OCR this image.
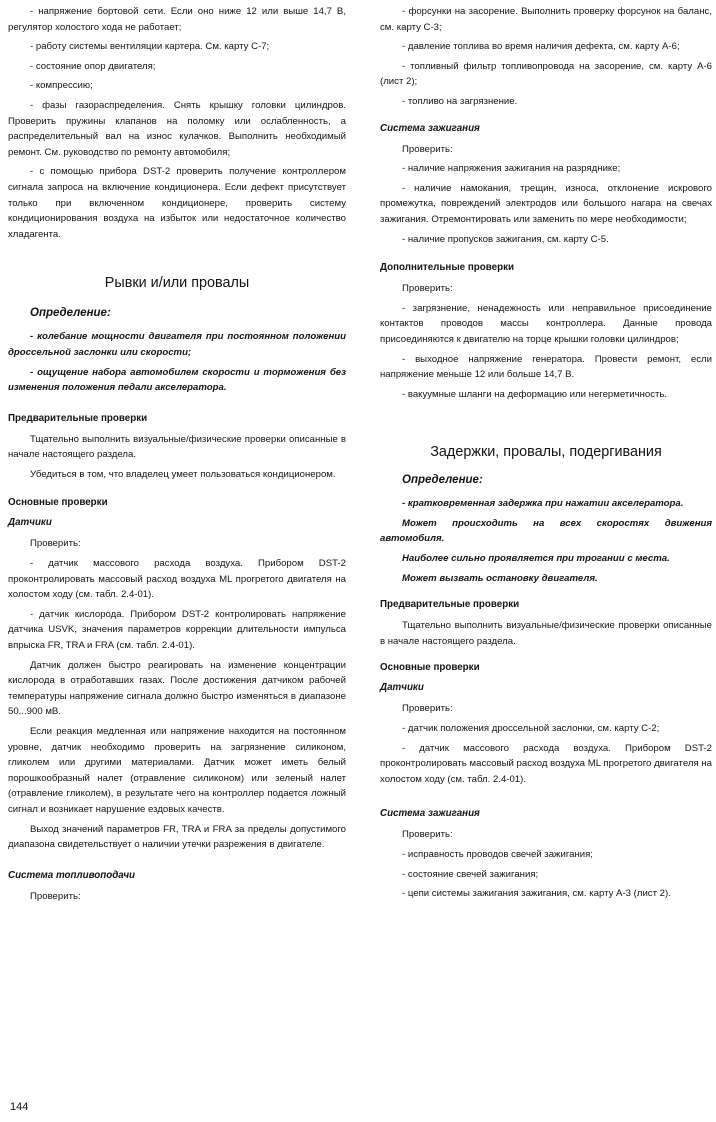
- напряжение бортовой сети. Если оно ниже 12 или выше 14,7 В, регулятор холостого хода не работает;

- работу системы вентиляции картера. См. карту С-7;

- состояние опор двигателя;

- компрессию;

- фазы газораспределения. Снять крышку головки цилиндров. Проверить пружины клапанов на поломку или ослабленность, а распределительный вал на износ кулачков. Выполнить необходимый ремонт. См. руководство по ремонту автомобиля;

- с помощью прибора DST-2 проверить получение контроллером сигнала запроса на включение кондиционера. Если дефект присутствует только при включенном кондиционере, проверить систему кондиционирования воздуха на избыток или недостаточное количество хладагента.

Рывки и/или провалы
Определение:

- колебание мощности двигателя при постоянном положении дроссельной заслонки или скорости;

- ощущение набора автомобилем скорости и торможения без изменения положения педали акселератора.

Предварительные проверки

Тщательно выполнить визуальные/физические проверки описанные в начале настоящего раздела.

Убедиться в том, что владелец умеет пользоваться кондиционером.

Основные проверки
Датчики

Проверить:

- датчик массового расхода воздуха. Прибором DST-2 проконтролировать массовый расход воздуха ML прогретого двигателя на холостом ходу (см. табл. 2.4-01).

- датчик кислорода. Прибором DST-2 контролировать напряжение датчика USVK, значения параметров коррекции длительности импульса впрыска FR, TRA и FRA (см. табл. 2.4-01).

Датчик должен быстро реагировать на изменение концентрации кислорода в отработавших газах. После достижения датчиком рабочей температуры напряжение сигнала должно быстро изменяться в диапазоне 50...900 мВ.

Если реакция медленная или напряжение находится на постоянном уровне, датчик необходимо проверить на загрязнение силиконом, гликолем или другими материалами. Датчик может иметь белый порошкообразный налет (отравление силиконом) или зеленый налет (отравление гликолем), в результате чего на контроллер подается ложный сигнал и возникает нарушение ездовых качеств.

Выход значений параметров FR, TRA и FRA за пределы допустимого диапазона свидетельствует о наличии утечки разрежения в двигателе.

Система топливоподачи

Проверить:

- форсунки на засорение. Выполнить проверку форсунок на баланс, см. карту С-3;

- давление топлива во время наличия дефекта, см. карту А-6;

- топливный фильтр топливопровода на засорение, см. карту А-6 (лист 2);

- топливо на загрязнение.

Система зажигания

Проверить:

- наличие напряжения зажигания на разряднике;

- наличие намокания, трещин, износа, отклонение искрового промежутка, повреждений электродов или большого нагара на свечах зажигания. Отремонтировать или заменить по мере необходимости;

- наличие пропусков зажигания, см. карту С-5.

Дополнительные проверки

Проверить:

- загрязнение, ненадежность или неправильное присоединение контактов проводов массы контроллера. Данные провода присоединяются к двигателю на торце крышки головки цилиндров;

- выходное напряжение генератора. Провести ремонт, если напряжение меньше 12 или больше 14,7 В.

- вакуумные шланги на деформацию или негерметичность.

Задержки, провалы, подергивания
Определение:

- кратковременная задержка при нажатии акселератора.

Может происходить на всех скоростях движения автомобиля.

Наиболее сильно проявляется при трогании с места.

Может вызвать остановку двигателя.

Предварительные проверки

Тщательно выполнить визуальные/физические проверки описанные в начале настоящего раздела.

Основные проверки
Датчики

Проверить:

- датчик положения дроссельной заслонки, см. карту С-2;

- датчик массового расхода воздуха. Прибором DST-2 проконтролировать массовый расход воздуха ML прогретого двигателя на холостом ходу (см. табл. 2.4-01).

Система зажигания

Проверить:

- исправность проводов свечей зажигания;

- состояние свечей зажигания;

- цепи системы зажигания зажигания, см. карту А-3 (лист 2).

144
